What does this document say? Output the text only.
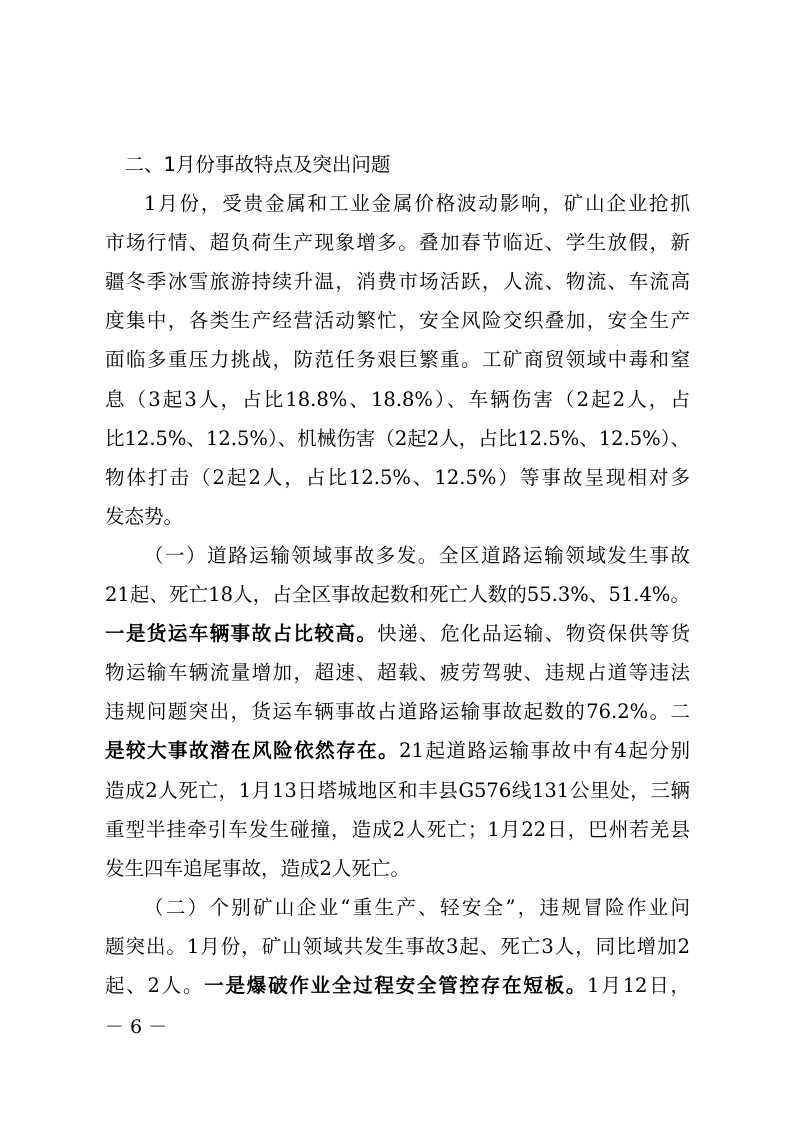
二、1月份事故特点及突出问题
1月份，受贵金属和工业金属价格波动影响，矿山企业抢抓
市场行情、超负荷生产现象增多。叠加春节临近、学生放假，新
疆冬季冰雪旅游持续升温，消费市场活跃，人流、物流、车流高
度集中，各类生产经营活动繁忙，安全风险交织叠加，安全生产
面临多重压力挑战，防范任务艰巨繁重。工矿商贸领域中毒和窒
息（3起3人，占比18.8%、18.8%）、车辆伤害（2起2人，占
比12.5%、12.5%）、机械伤害（2起2人，占比12.5%、12.5%）、
物体打击（2起2人，占比12.5%、12.5%）等事故呈现相对多
发态势。
（一）道路运输领域事故多发。全区道路运输领域发生事故
21起、死亡18人，占全区事故起数和死亡人数的55.3%、51.4%。
一是货运车辆事故占比较高。快递、危化品运输、物资保供等货
物运输车辆流量增加，超速、超载、疲劳驾驶、违规占道等违法
违规问题突出，货运车辆事故占道路运输事故起数的76.2%。二
是较大事故潜在风险依然存在。21起道路运输事故中有4起分别
造成2人死亡，1月13日塔城地区和丰县G576线131公里处，三辆
重型半挂牵引车发生碰撞，造成2人死亡；1月22日，巴州若羌县
发生四车追尾事故，造成2人死亡。
（二）个别矿山企业“重生产、轻安全”，违规冒险作业问
题突出。1月份，矿山领域共发生事故3起、死亡3人，同比增加2
起、2人。一是爆破作业全过程安全管控存在短板。1月12日，
－ 6 －
